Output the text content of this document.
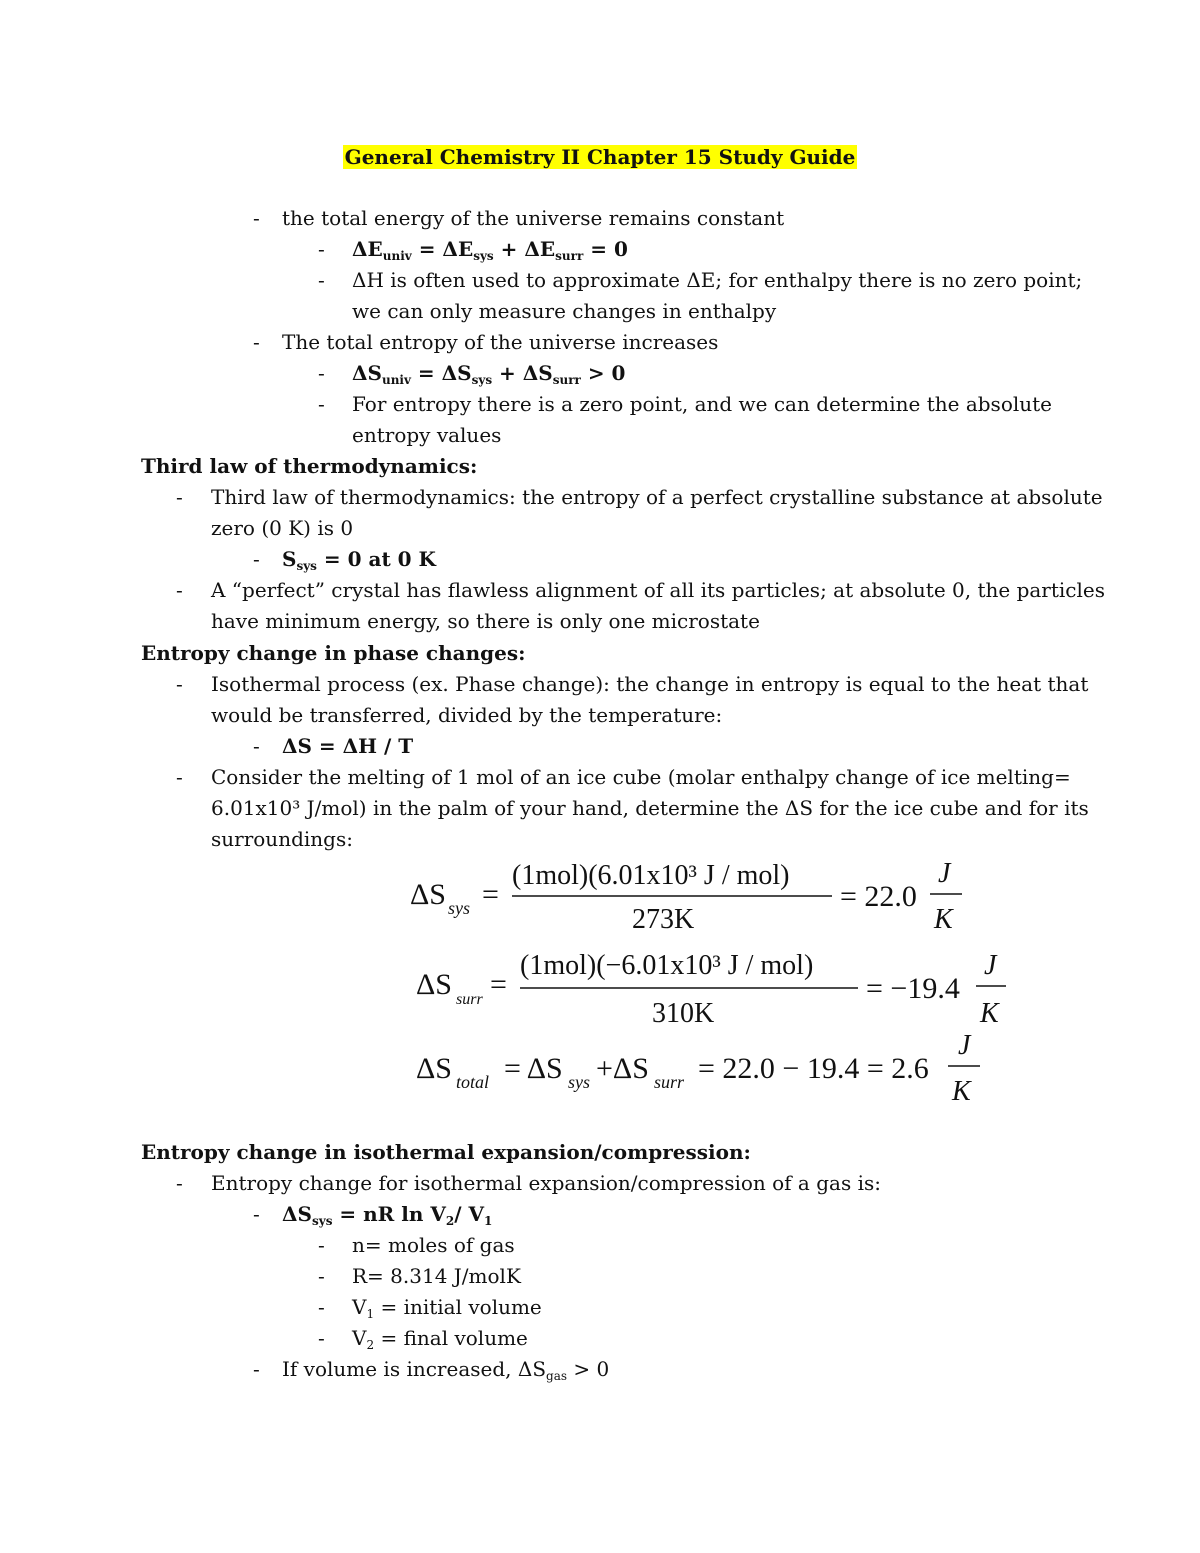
General Chemistry II Chapter 15 Study Guide
- the total energy of the universe remains constant
- $\Delta E_{univ} = \Delta E_{sys} + \Delta E_{surr} = 0$
- ΔH is often used to approximate ΔE; for enthalpy there is no zero point;
we can only measure changes in enthalpy
- The total entropy of the universe increases
- $\Delta S_{univ} = \Delta S_{sys} + \Delta S_{surr} > 0$
- For entropy there is a zero point, and we can determine the absolute
entropy values
Third law of thermodynamics:
- Third law of thermodynamics: the entropy of a perfect crystalline substance at absolute
zero (0 K) is 0
- $S_{sys} = 0$ at 0 K
- A “perfect” crystal has flawless alignment of all its particles; at absolute 0, the particles
have minimum energy, so there is only one microstate
Entropy change in phase changes:
- Isothermal process (ex. Phase change): the change in entropy is equal to the heat that
would be transferred, divided by the temperature:
- ΔS = ΔH / T
- Consider the melting of 1 mol of an ice cube (molar enthalpy change of ice melting=
6.01x10³ J/mol) in the palm of your hand, determine the ΔS for the ice cube and for its
surroundings:
ΔS sys =
(1mol)(6.01x10³ J / mol)
273K
= 22.0
J
K
ΔS surr =
(1mol)(−6.01x10³ J / mol)
310K
= −19.4
J
K
ΔS total = ΔS sys +ΔS surr = 22.0 − 19.4 = 2.6
J
K
Entropy change in isothermal expansion/compression:
- Entropy change for isothermal expansion/compression of a gas is:
- $\Delta S_{sys}$ = nR $\ln V_2/$ $V_1$
- n= moles of gas
- R= 8.314 J/molK
- $V_1$ = initial volume
- $V_2$ = final volume
- If volume is increased, $\Delta S_{gas} > 0$
